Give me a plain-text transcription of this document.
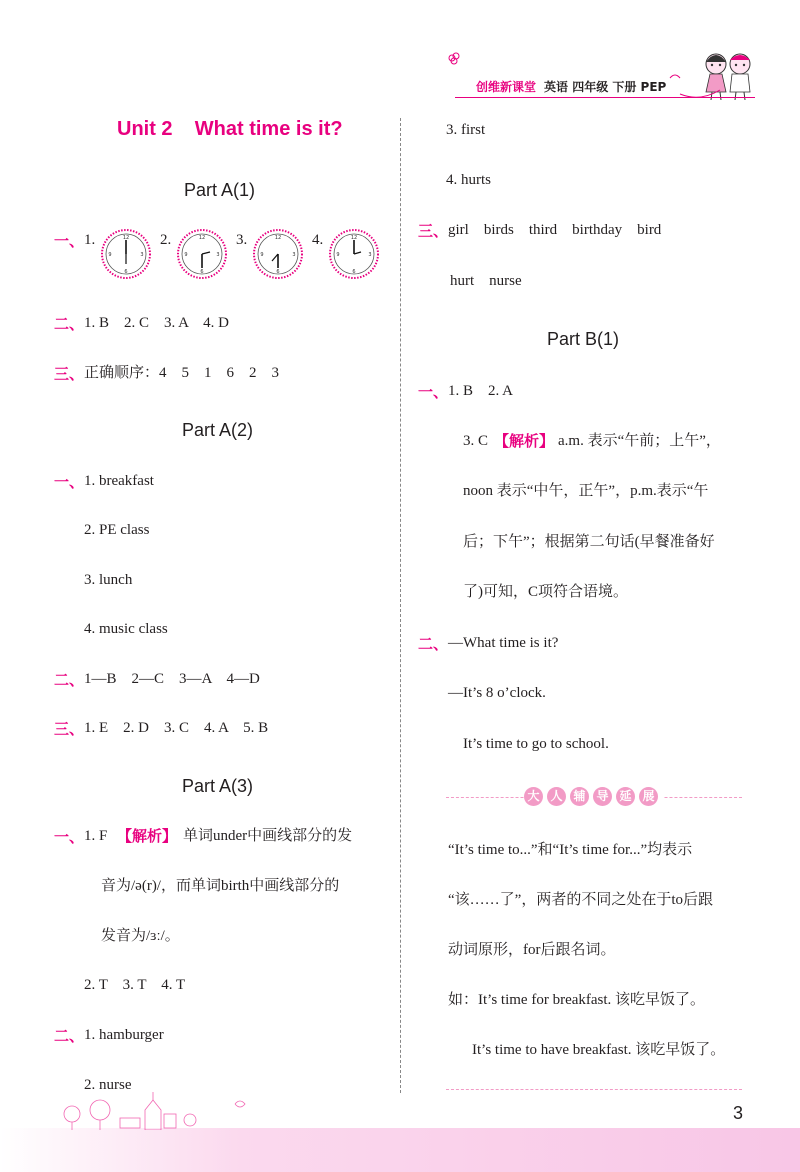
创维新课堂 英语 四年级 下册 PEP
Unit 2    What time is it?
Part A(1)
一、 1.	2.	3.	4.
12
3
6
9
12
3
6
9
12
3
6
9
12
3
6
9
二、 1. B    2. C    3. A    4. D
三、 正确顺序：4    5    1    6    2    3
Part A(2)
一、 1. breakfast
2. PE class
3. lunch
4. music class
二、 1—B    2—C    3—A    4—D
三、 1. E    2. D    3. C    4. A    5. B
Part A(3)
一、 1. F 【解析】 单词under中画线部分的发
音为/ə(r)/，而单词birth中画线部分的
发音为/ɜː/。
2. T    3. T    4. T
二、 1. hamburger
2. nurse
3. first
4. hurts
三、 girl    birds    third    birthday    bird
hurt    nurse
Part B(1)
一、 1. B    2. A
3. C 【解析】 a.m. 表示“午前；上午”，
noon 表示“中午，正午”，p.m.表示“午
后；下午”；根据第二句话(早餐准备好
了)可知，C项符合语境。
二、 —What time is it?
—It’s 8 o’clock.
It’s time to go to school.
大 人 辅 导 延 展
“It’s time to...”和“It’s time for...”均表示
“该……了”，两者的不同之处在于to后跟
动词原形，for后跟名词。
如：It’s time for breakfast. 该吃早饭了。
It’s time to have breakfast. 该吃早饭了。
3
